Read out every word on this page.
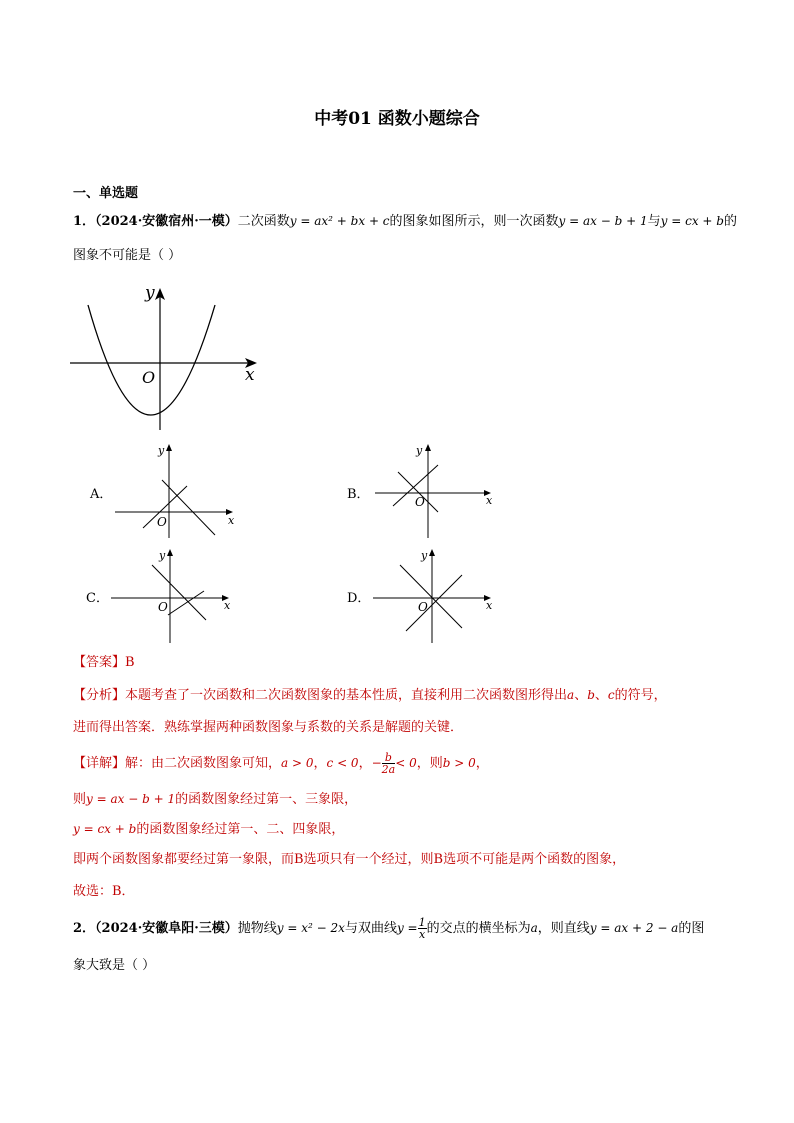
中考01 函数小题综合
一、单选题
1．（2024·安徽宿州·一模）二次函数y = ax² + bx + c的图象如图所示，则一次函数y = ax − b + 1与y = cx + b的
图象不可能是（ ）
y
x
O
A．	B．
C．	D．
y
x
O
y
x
O
y
x
O
y
x
O
【答案】B
【分析】本题考查了一次函数和二次函数图象的基本性质，直接利用二次函数图形得出a、b、c的符号，
进而得出答案．熟练掌握两种函数图象与系数的关系是解题的关键．
【详解】解：由二次函数图象可知，a > 0，c < 0，− $\frac{b}{2a} < 0$，则b > 0，
则y = ax − b + 1的函数图象经过第一、三象限，
y = cx + b的函数图象经过第一、二、四象限，
即两个函数图象都要经过第一象限，而B选项只有一个经过，则B选项不可能是两个函数的图象，
故选：B．
2．（2024·安徽阜阳·三模）抛物线y = x² − 2x与双曲线$y = \frac{1}{x}$ 的交点的横坐标为a，则直线y = ax + 2 − a的图
象大致是（ ）
